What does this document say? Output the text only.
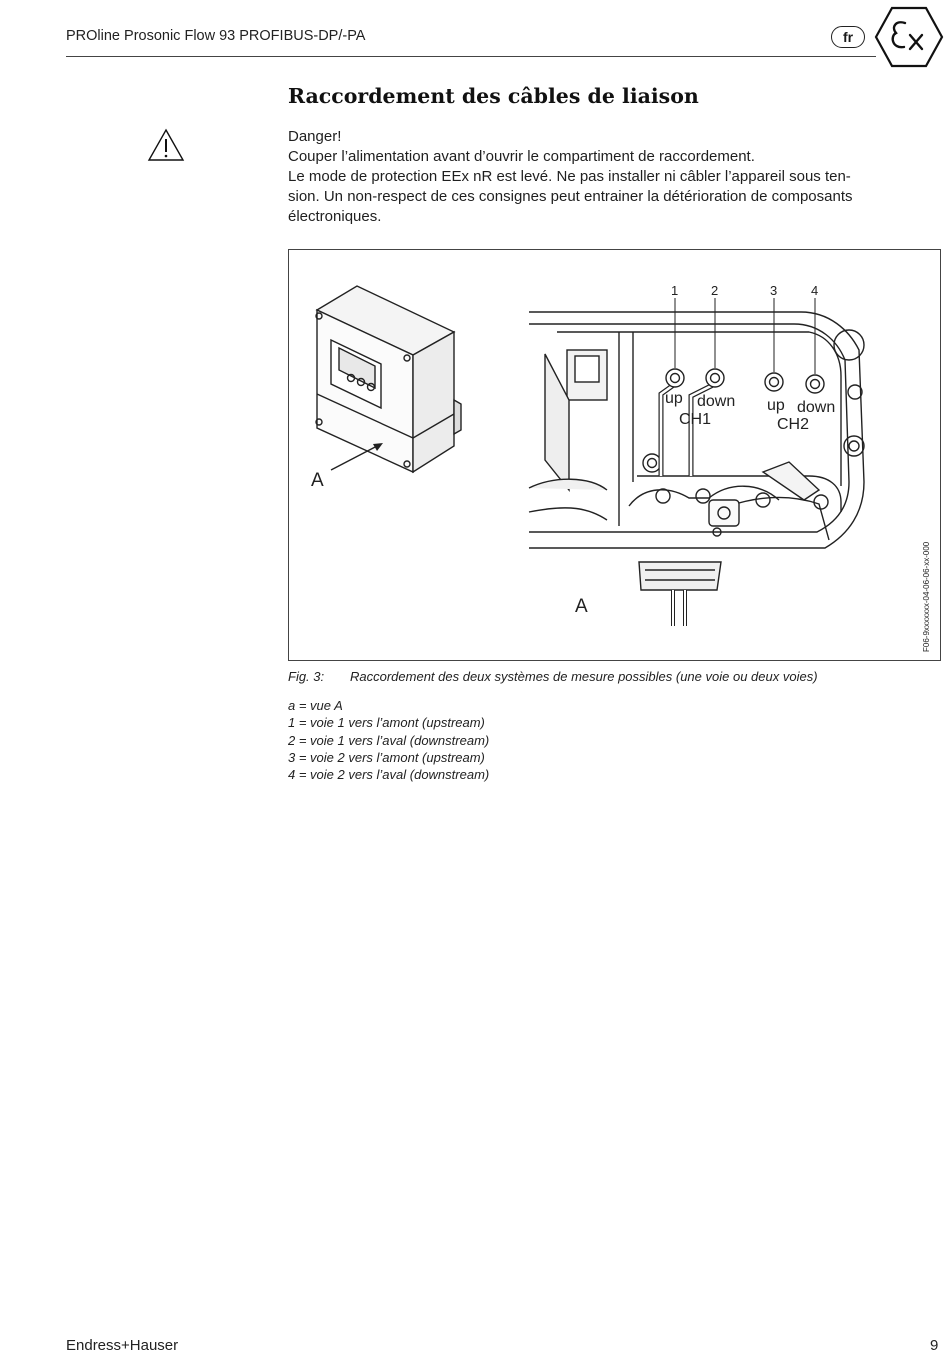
PROline Prosonic Flow 93 PROFIBUS-DP/-PA	fr
Raccordement des câbles de liaison

Danger!

Couper l’alimentation avant d’ouvrir le compartiment de raccordement.

Le mode de protection EEx nR est levé. Ne pas installer ni câbler l’appareil sous ten-

sion. Un non-respect de ces consignes peut entrainer la détérioration de composants

électroniques.

A
1	2	3	4
up down
CH1
up down
CH2
A	F06-9xxxxxxx-04-06-06-xx-000
Fig. 3: Raccordement des deux systèmes de mesure possibles (une voie ou deux voies)
a = vue A
1 = voie 1 vers l’amont (upstream)
2 = voie 1 vers l’aval (downstream)
3 = voie 2 vers l’amont (upstream)
4 = voie 2 vers l’aval (downstream)
Endress+Hauser	9
